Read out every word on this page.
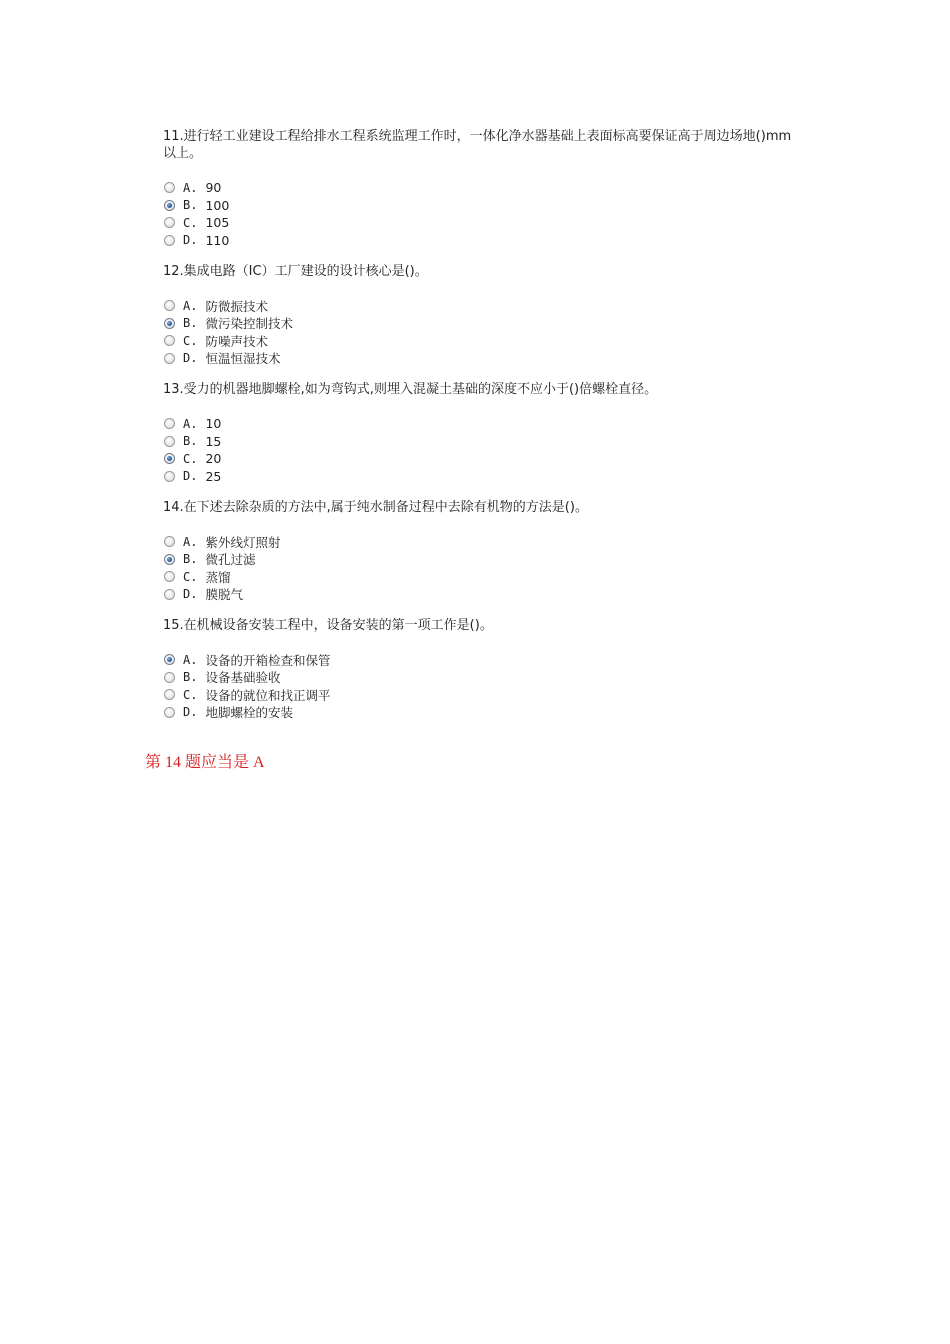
11.进行轻工业建设工程给排水工程系统监理工作时，一体化净水器基础上表面标高要保证高于周边场地()mm以上。

A. 90
B. 100
C. 105
D. 110

12.集成电路（IC）工厂建设的设计核心是()。

A. 防微振技术
B. 微污染控制技术
C. 防噪声技术
D. 恒温恒湿技术

13.受力的机器地脚螺栓,如为弯钩式,则埋入混凝土基础的深度不应小于()倍螺栓直径。

A. 10
B. 15
C. 20
D. 25

14.在下述去除杂质的方法中,属于纯水制备过程中去除有机物的方法是()。

A. 紫外线灯照射
B. 微孔过滤
C. 蒸馏
D. 膜脱气

15.在机械设备安装工程中，设备安装的第一项工作是()。

A. 设备的开箱检查和保管
B. 设备基础验收
C. 设备的就位和找正调平
D. 地脚螺栓的安装
第 14 题应当是 A
